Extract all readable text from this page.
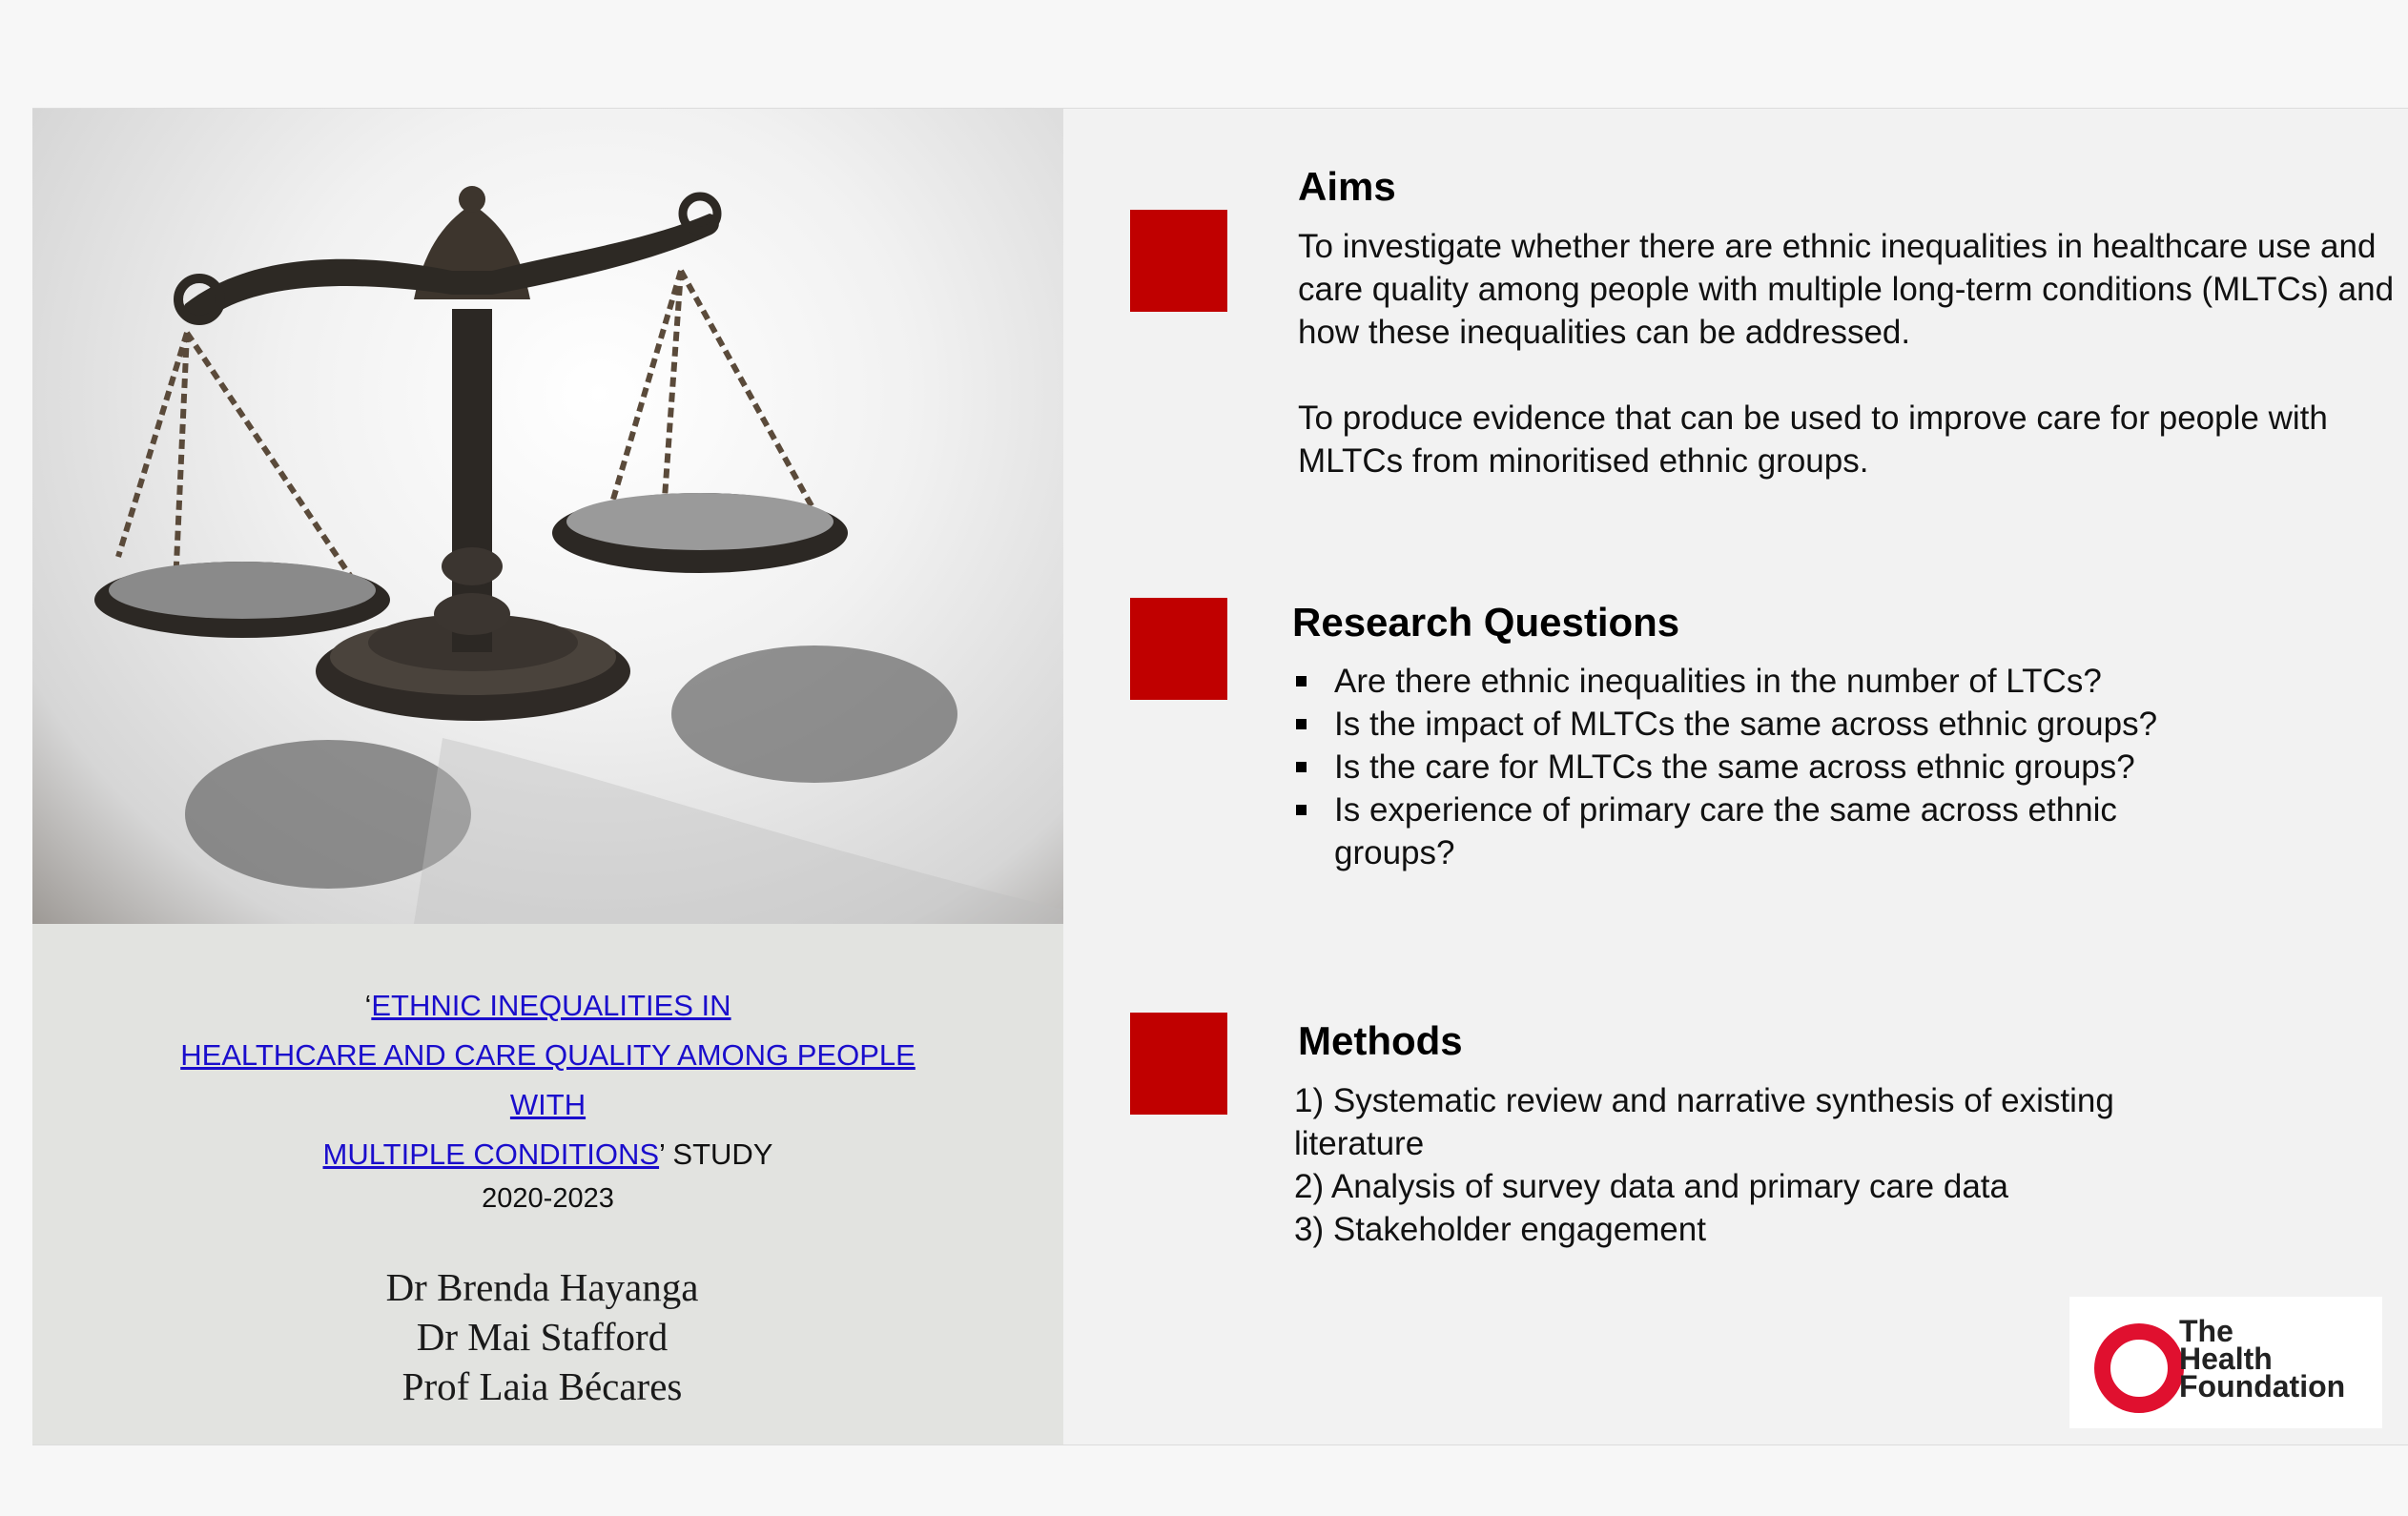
‘ETHNIC INEQUALITIES IN
HEALTHCARE AND CARE QUALITY AMONG PEOPLE
WITH
MULTIPLE CONDITIONS’ STUDY
2020-2023
Dr Brenda Hayanga
Dr Mai Stafford
Prof Laia Bécares
Aims

To investigate whether there are ethnic inequalities in healthcare use and care quality among people with multiple long-term conditions (MLTCs) and how these inequalities can be addressed.

To produce evidence that can be used to improve care for people with MLTCs from minoritised ethnic groups.

Research Questions
Are there ethnic inequalities in the number of LTCs?
Is the impact of MLTCs the same across ethnic groups?
Is the care for MLTCs the same across ethnic groups?
Is experience of primary care the same across ethnic groups?
Methods

1) Systematic review and narrative synthesis of existing literature

2) Analysis of survey data and primary care data

3) Stakeholder engagement

The
Health
Foundation
